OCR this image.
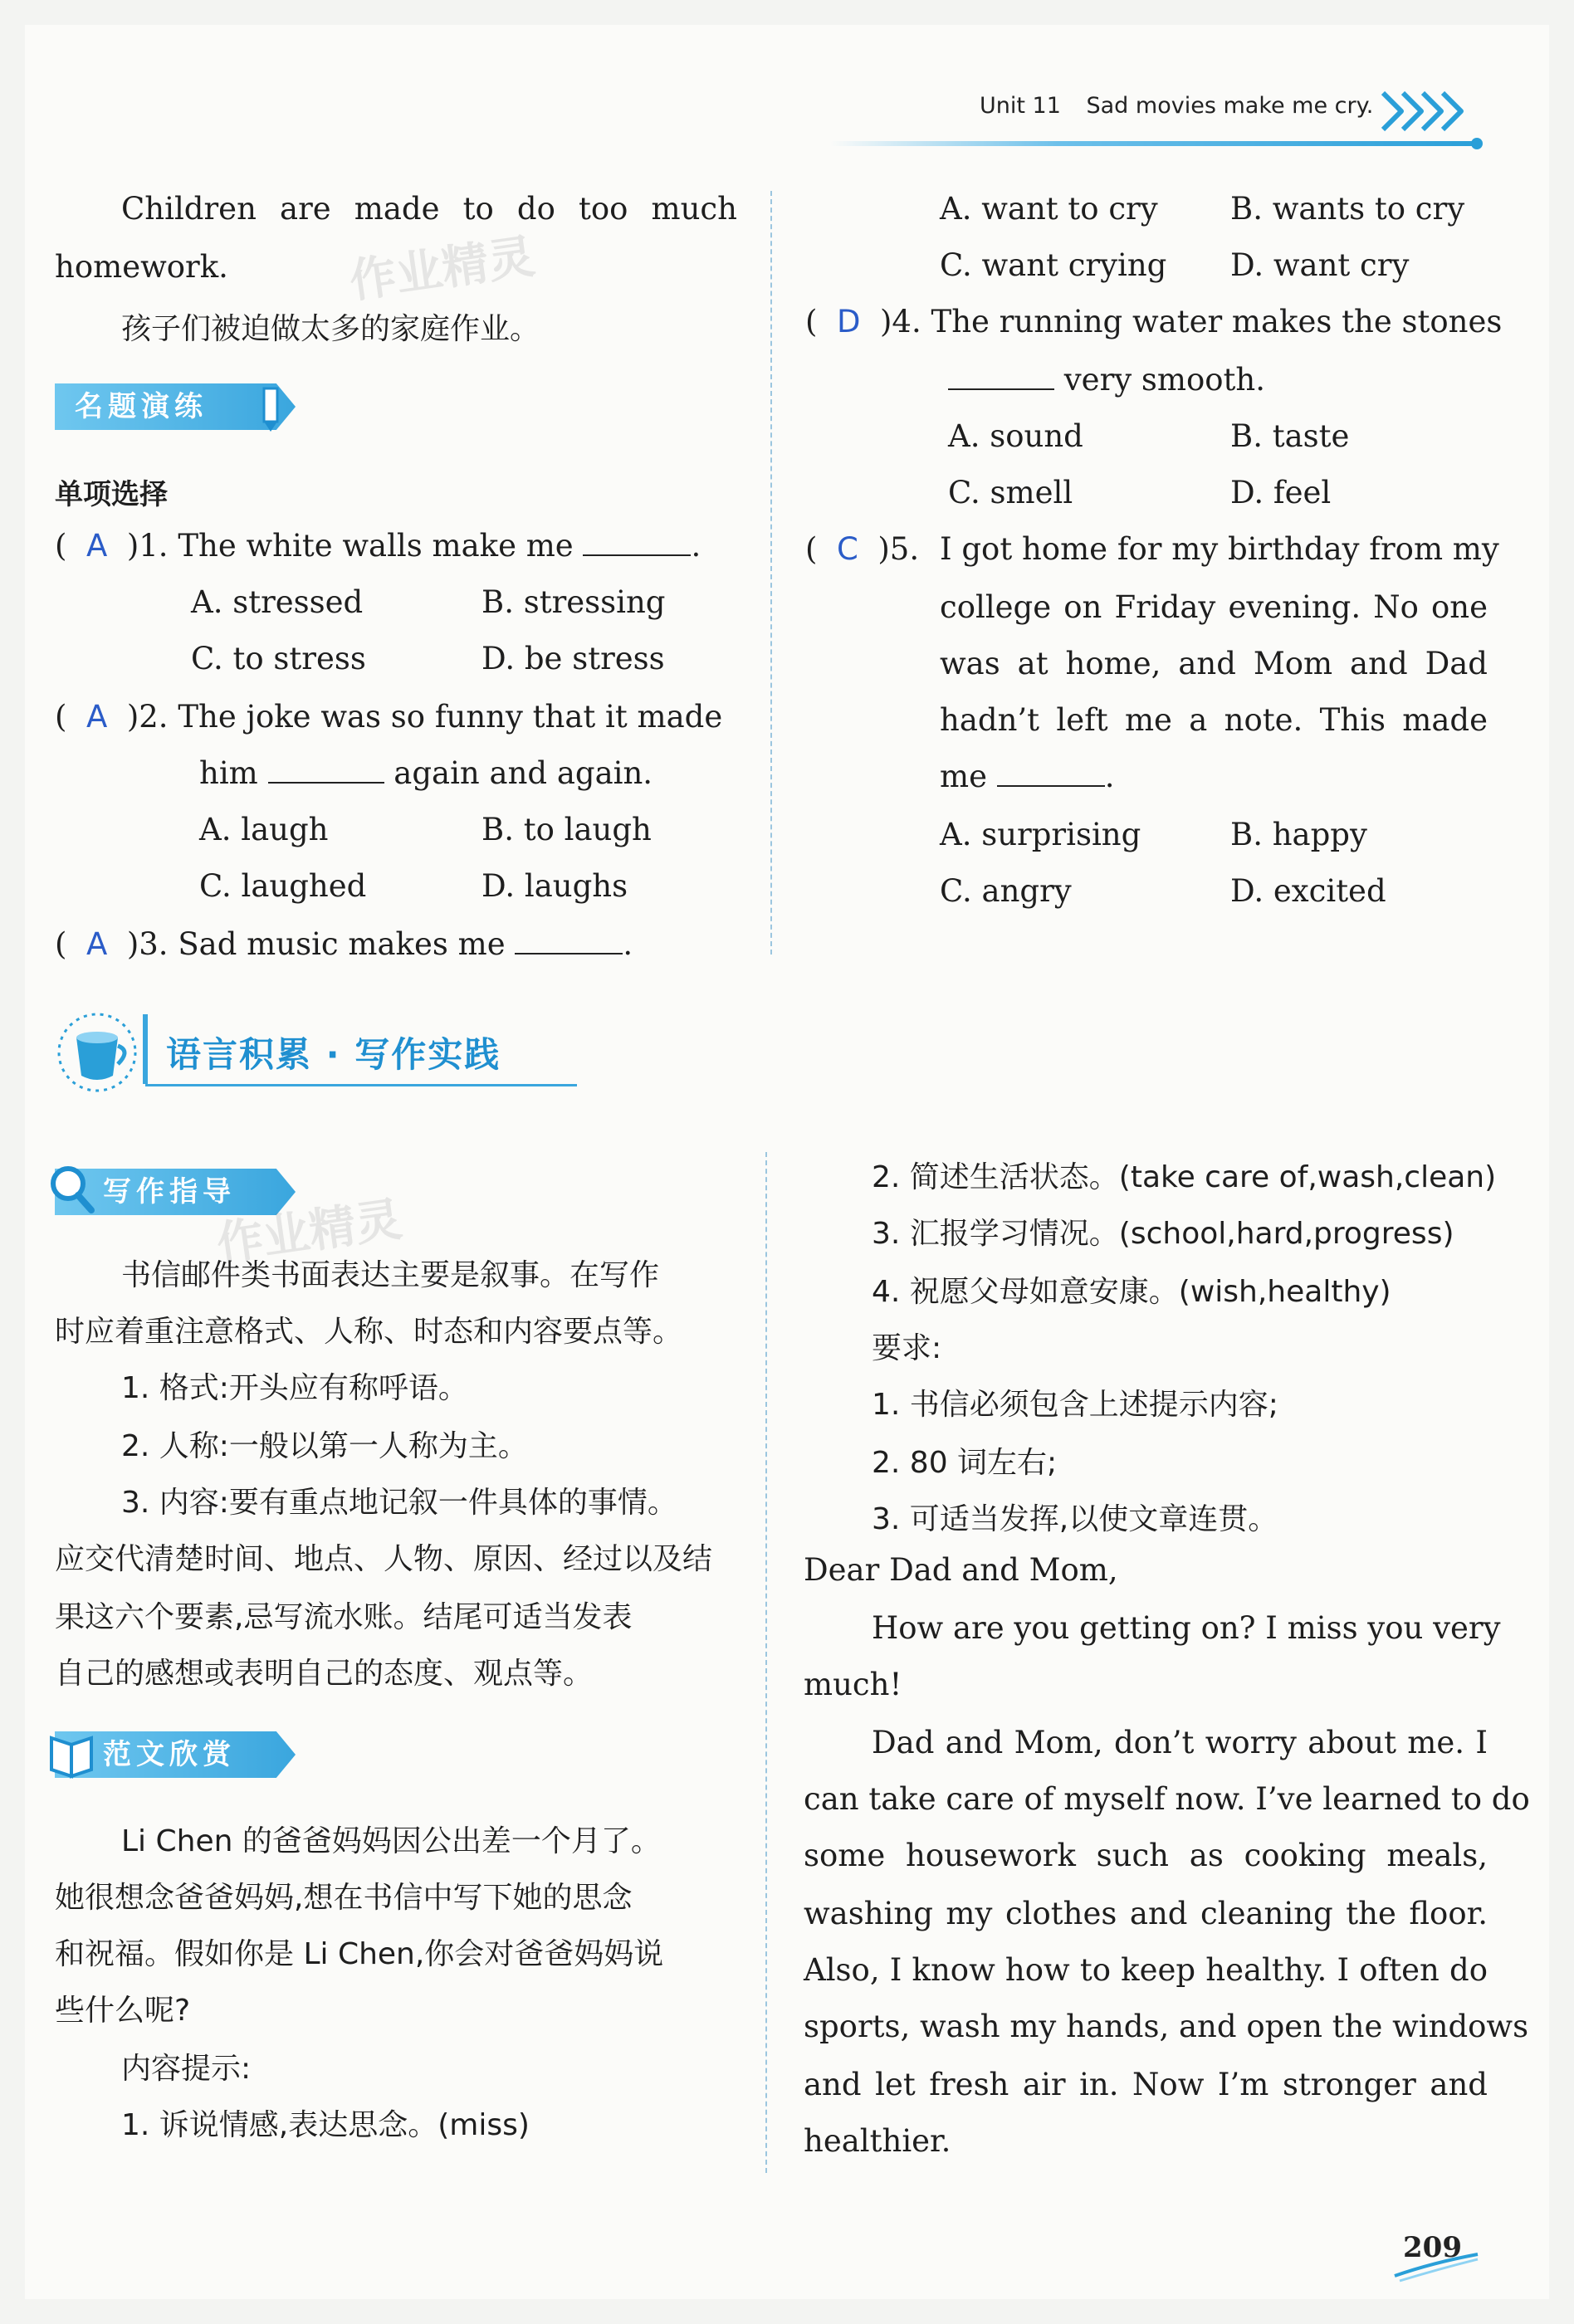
Unit 11 Sad movies make me cry.
Children are made to do too much
homework.
孩子们被迫做太多的家庭作业。
作业精灵
名题演练
单项选择
(  A )1. The white walls make me	.
A. stressed	B. stressing
C. to stress	D. be stress
(  A )2. The joke was so funny that it made
him	again and again.
A. laugh	B. to laugh
C. laughed	D. laughs
(  A )3. Sad music makes me	.
A. want to cry B. wants to cry
C. want crying D. want cry
(  D )4. The running water makes the stones
very smooth.
A. sound	B. taste
C. smell	D. feel
(  C )5. I got home for my birthday from my
college on Friday evening. No one
was at home, and Mom and Dad
hadn’t left me a note. This made
me	.
A. surprising	B. happy
C. angry	D. excited
语言积累 · 写作实践
写作指导
作业精灵
书信邮件类书面表达主要是叙事。在写作
时应着重注意格式、人称、时态和内容要点等。
1. 格式:开头应有称呼语。
2. 人称:一般以第一人称为主。
3. 内容:要有重点地记叙一件具体的事情。
应交代清楚时间、地点、人物、原因、经过以及结
果这六个要素,忌写流水账。结尾可适当发表
自己的感想或表明自己的态度、观点等。
范文欣赏
Li Chen 的爸爸妈妈因公出差一个月了。
她很想念爸爸妈妈,想在书信中写下她的思念
和祝福。假如你是 Li Chen,你会对爸爸妈妈说
些什么呢?
内容提示:
1. 诉说情感,表达思念。(miss)
2. 简述生活状态。(take care of,wash,clean)
3. 汇报学习情况。(school,hard,progress)
4. 祝愿父母如意安康。(wish,healthy)
要求:
1. 书信必须包含上述提示内容;
2. 80 词左右;
3. 可适当发挥,以使文章连贯。
Dear Dad and Mom,
How are you getting on? I miss you very
much!
Dad and Mom, don’t worry about me. I
can take care of myself now. I’ve learned to do
some housework such as cooking meals,
washing my clothes and cleaning the floor.
Also, I know how to keep healthy. I often do
sports, wash my hands, and open the windows
and let fresh air in. Now I’m stronger and
healthier.
209
